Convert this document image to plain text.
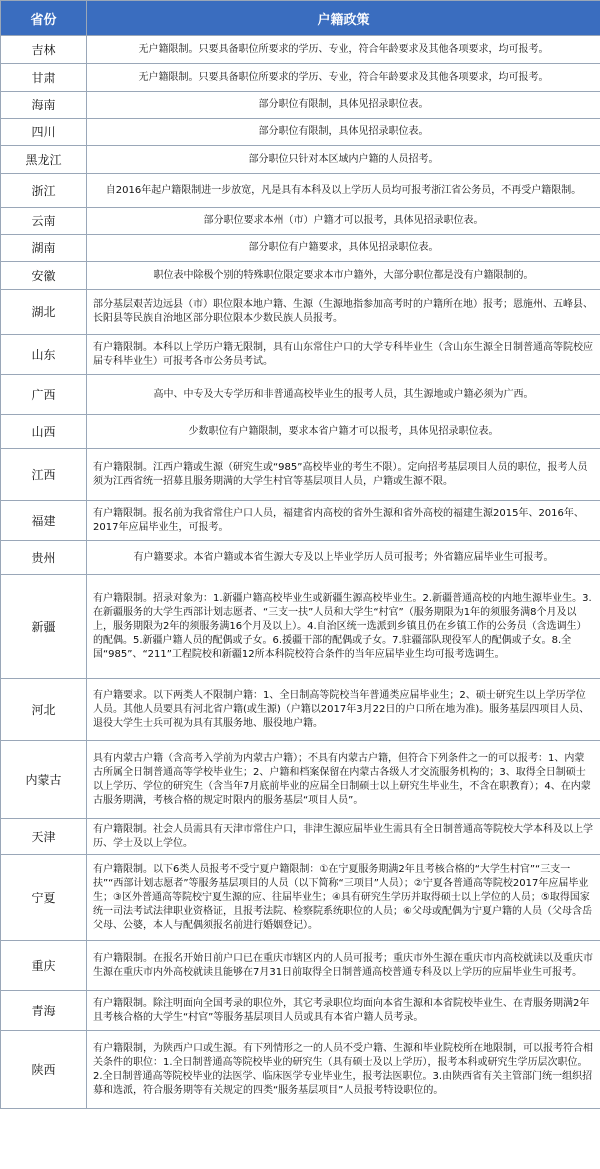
省份	户籍政策
吉林	无户籍限制。只要具备职位所要求的学历、专业，符合年龄要求及其他各项要求，均可报考。
甘肃	无户籍限制。只要具备职位所要求的学历、专业，符合年龄要求及其他各项要求，均可报考。
海南	部分职位有限制，具体见招录职位表。
四川	部分职位有限制，具体见招录职位表。
黑龙江	部分职位只针对本区域内户籍的人员招考。
浙江	自2016年起户籍限制进一步放宽，凡是具有本科及以上学历人员均可报考浙江省公务员，不再受户籍限制。
云南	部分职位要求本州（市）户籍才可以报考，具体见招录职位表。
湖南	部分职位有户籍要求，具体见招录职位表。
安徽	职位表中除极个别的特殊职位限定要求本市户籍外，大部分职位都是没有户籍限制的。
湖北	部分基层艰苦边远县（市）职位限本地户籍、生源（生源地指参加高考时的户籍所在地）报考；恩施州、五峰县、长阳县等民族自治地区部分职位限本少数民族人员报考。
山东	有户籍限制。本科以上学历户籍无限制，具有山东常住户口的大学专科毕业生（含山东生源全日制普通高等院校应届专科毕业生）可报考各市公务员考试。
广西	高中、中专及大专学历和非普通高校毕业生的报考人员，其生源地或户籍必须为广西。
山西	少数职位有户籍限制，要求本省户籍才可以报考，具体见招录职位表。
江西	有户籍限制。江西户籍或生源（研究生或“985”高校毕业的考生不限）。定向招考基层项目人员的职位，报考人员须为江西省统一招募且服务期满的大学生村官等基层项目人员，户籍或生源不限。
福建	有户籍限制。报名前为我省常住户口人员，福建省内高校的省外生源和省外高校的福建生源2015年、2016年、2017年应届毕业生，可报考。
贵州	有户籍要求。本省户籍或本省生源大专及以上毕业学历人员可报考；外省籍应届毕业生可报考。
新疆	有户籍限制。招录对象为：1.新疆户籍高校毕业生或新疆生源高校毕业生。2.新疆普通高校的内地生源毕业生。3.在新疆服务的大学生西部计划志愿者、“三支一扶”人员和大学生“村官”（服务期限为1年的须服务满8个月及以上，服务期限为2年的须服务满16个月及以上）。4.自治区统一选派到乡镇且仍在乡镇工作的公务员（含选调生）的配偶。5.新疆户籍人员的配偶或子女。6.援疆干部的配偶或子女。7.驻疆部队现役军人的配偶或子女。8.全国“985”、“211”工程院校和新疆12所本科院校符合条件的当年应届毕业生均可报考选调生。
河北	有户籍要求。以下两类人不限制户籍：1、全日制高等院校当年普通类应届毕业生；2、硕士研究生以上学历学位人员。其他人员要具有河北省户籍(或生源)（户籍以2017年3月22日的户口所在地为准)。服务基层四项目人员、退役大学生士兵可视为具有其服务地、服役地户籍。
内蒙古	具有内蒙古户籍（含高考入学前为内蒙古户籍）；不具有内蒙古户籍，但符合下列条件之一的可以报考：1、内蒙古所属全日制普通高等学校毕业生；2、户籍和档案保留在内蒙古各级人才交流服务机构的；3、取得全日制硕士以上学历、学位的研究生（含当年7月底前毕业的应届全日制硕士以上研究生毕业生，不含在职教育）；4、在内蒙古服务期满，考核合格的规定时限内的服务基层“项目人员”。
天津	有户籍限制。社会人员需具有天津市常住户口，非津生源应届毕业生需具有全日制普通高等院校大学本科及以上学历、学士及以上学位。
宁夏	有户籍限制。以下6类人员报考不受宁夏户籍限制：①在宁夏服务期满2年且考核合格的“大学生村官”“三支一扶”“西部计划志愿者”等服务基层项目的人员（以下简称“三项目”人员）；②宁夏各普通高等院校2017年应届毕业生；③区外普通高等院校宁夏生源的应、往届毕业生；④具有研究生学历并取得硕士以上学位的人员；⑤取得国家统一司法考试法律职业资格证，且报考法院、检察院系统职位的人员；⑥父母或配偶为宁夏户籍的人员（父母含岳父母、公婆，本人与配偶须报名前进行婚姻登记）。
重庆	有户籍限制。在报名开始日前户口已在重庆市辖区内的人员可报考；重庆市外生源在重庆市内高校就读以及重庆市生源在重庆市内外高校就读且能够在7月31日前取得全日制普通高校普通专科及以上学历的应届毕业生可报考。
青海	有户籍限制。除注明面向全国考录的职位外，其它考录职位均面向本省生源和本省院校毕业生、在青服务期满2年且考核合格的大学生“村官”等服务基层项目人员或具有本省户籍人员考录。
陕西	有户籍限制，为陕西户口或生源。有下列情形之一的人员不受户籍、生源和毕业院校所在地限制，可以报考符合相关条件的职位：1.全日制普通高等院校毕业的研究生（具有硕士及以上学历），报考本科或研究生学历层次职位。2.全日制普通高等院校毕业的法医学、临床医学专业毕业生，报考法医职位。3.由陕西省有关主管部门统一组织招募和选派，符合服务期等有关规定的四类“服务基层项目”人员报考特设职位的。
